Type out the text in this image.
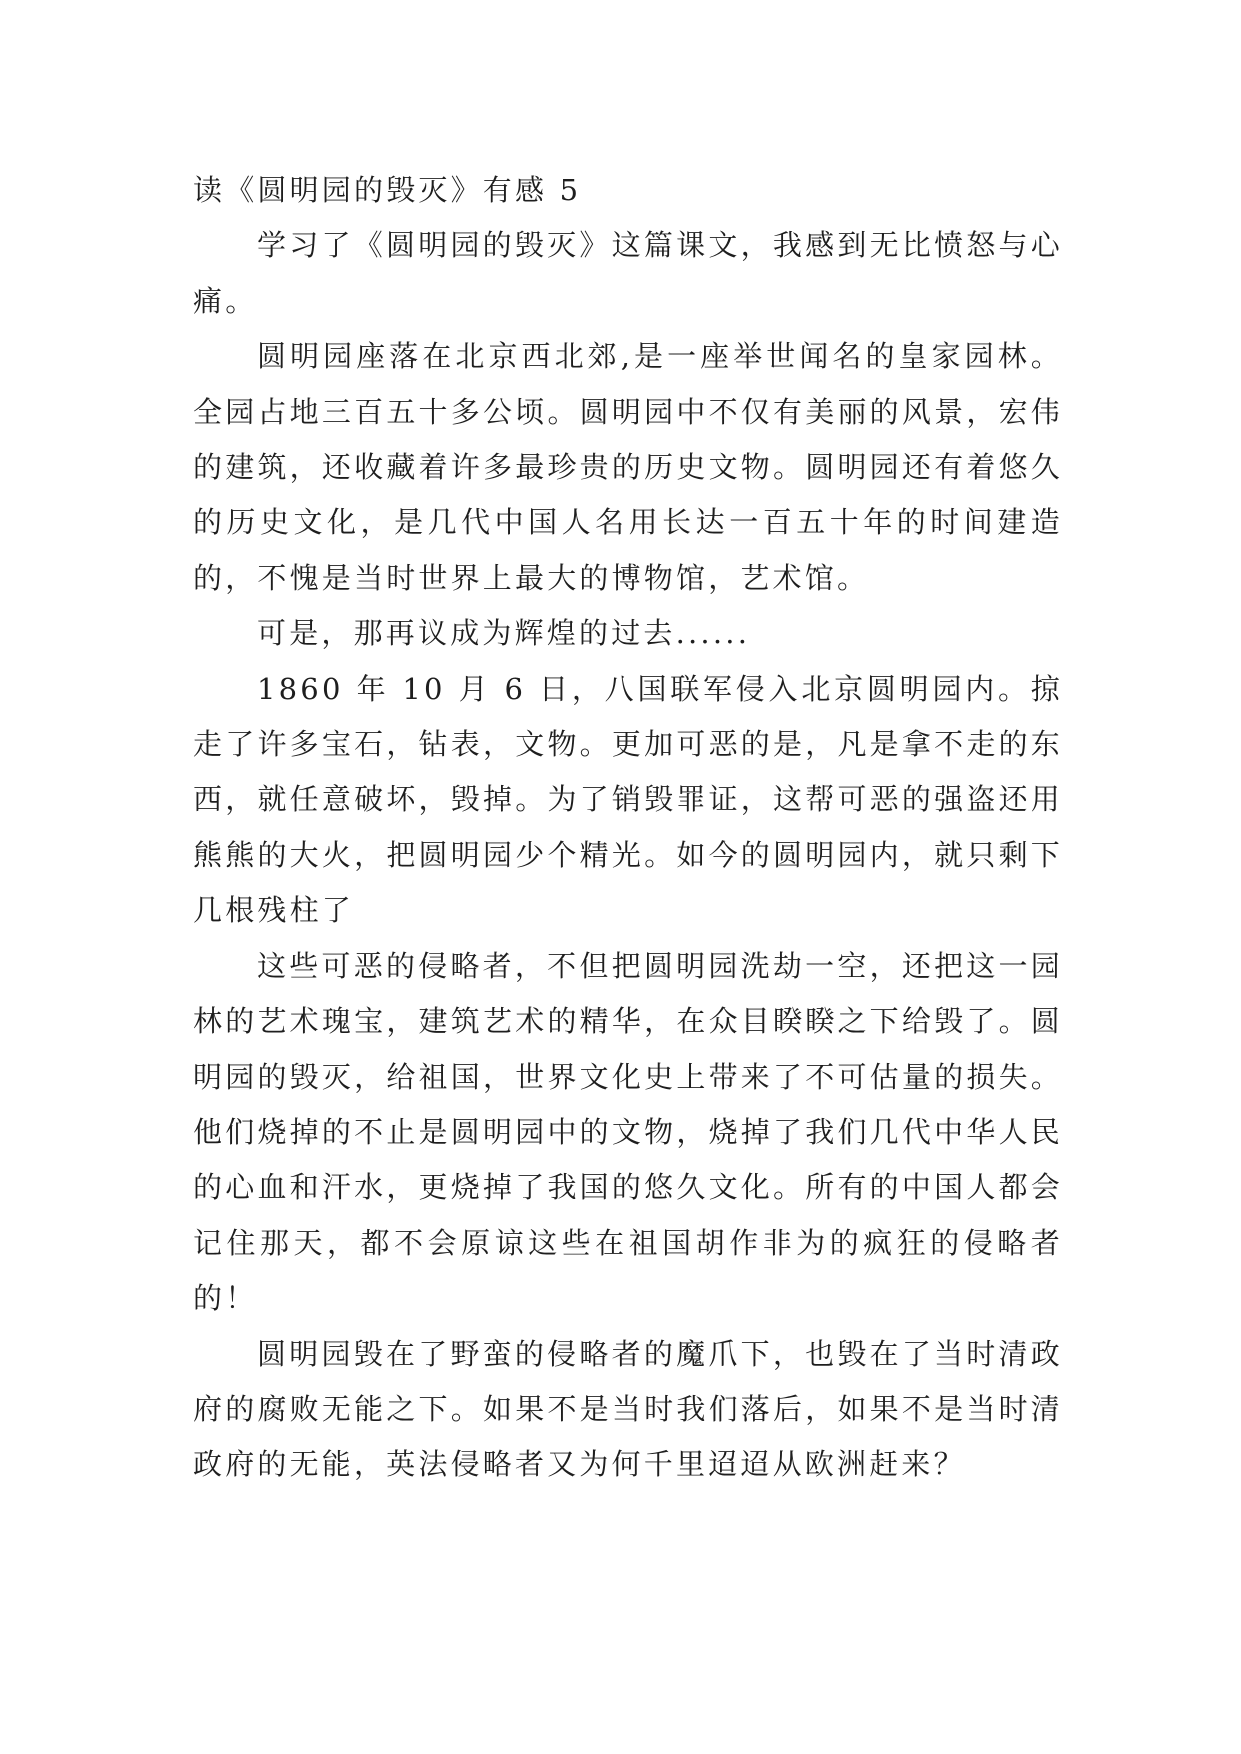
读《圆明园的毁灭》有感 5

学习了《圆明园的毁灭》这篇课文，我感到无比愤怒与心痛。

圆明园座落在北京西北郊,是一座举世闻名的皇家园林。全园占地三百五十多公顷。圆明园中不仅有美丽的风景，宏伟的建筑，还收藏着许多最珍贵的历史文物。圆明园还有着悠久的历史文化，是几代中国人名用长达一百五十年的时间建造的，不愧是当时世界上最大的博物馆，艺术馆。

可是，那再议成为辉煌的过去......

1860 年 10 月 6 日，八国联军侵入北京圆明园内。掠走了许多宝石，钻表，文物。更加可恶的是，凡是拿不走的东西，就任意破坏，毁掉。为了销毁罪证，这帮可恶的强盗还用熊熊的大火，把圆明园少个精光。如今的圆明园内，就只剩下几根残柱了

这些可恶的侵略者，不但把圆明园洗劫一空，还把这一园林的艺术瑰宝，建筑艺术的精华，在众目睽睽之下给毁了。圆明园的毁灭，给祖国，世界文化史上带来了不可估量的损失。他们烧掉的不止是圆明园中的文物，烧掉了我们几代中华人民的心血和汗水，更烧掉了我国的悠久文化。所有的中国人都会记住那天，都不会原谅这些在祖国胡作非为的疯狂的侵略者的！

圆明园毁在了野蛮的侵略者的魔爪下，也毁在了当时清政府的腐败无能之下。如果不是当时我们落后，如果不是当时清政府的无能，英法侵略者又为何千里迢迢从欧洲赶来？
